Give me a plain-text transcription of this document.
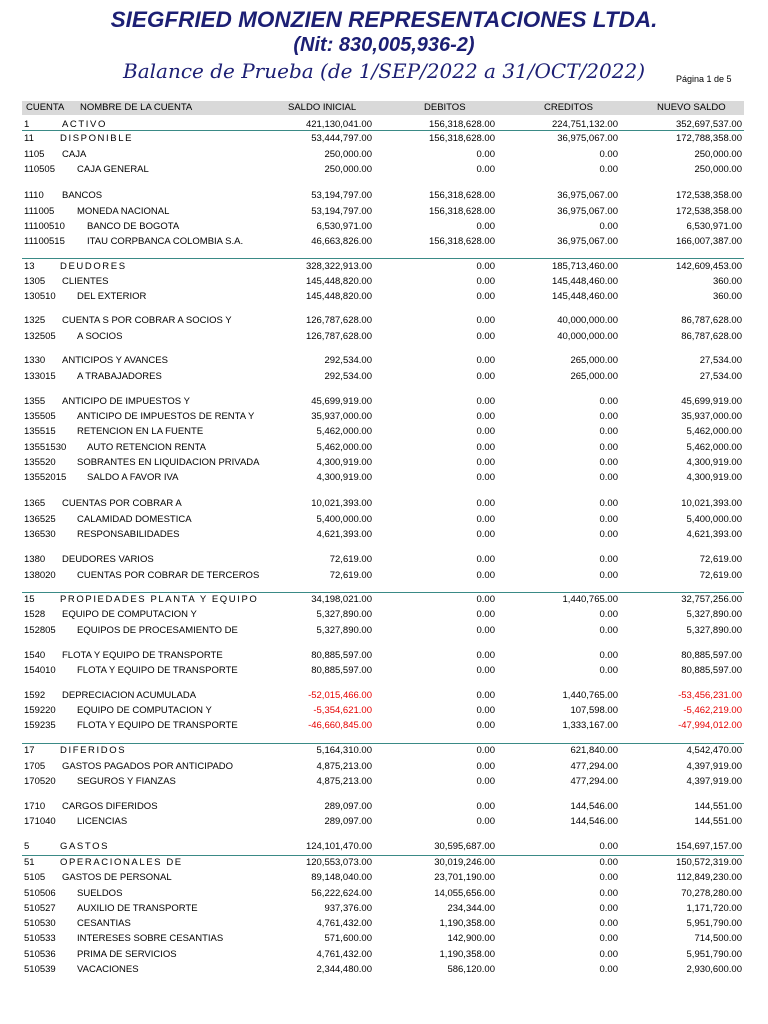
SIEGFRIED MONZIEN REPRESENTACIONES LTDA.
(Nit: 830,005,936-2)
Balance de Prueba (de 1/SEP/2022 a 31/OCT/2022)	Página 1 de 5
CUENTA NOMBRE DE LA CUENTA	SALDO INICIAL	DEBITOS	CREDITOS	NUEVO SALDO
1	ACTIVO	421,130,041.00	156,318,628.00	224,751,132.00	352,697,537.00
11	DISPONIBLE	53,444,797.00	156,318,628.00	36,975,067.00	172,788,358.00
1105 CAJA	250,000.00	0.00	0.00	250,000.00
110505 CAJA GENERAL	250,000.00	0.00	0.00	250,000.00
1110 BANCOS	53,194,797.00	156,318,628.00	36,975,067.00	172,538,358.00
111005 MONEDA NACIONAL	53,194,797.00	156,318,628.00	36,975,067.00	172,538,358.00
11100510 BANCO DE BOGOTA	6,530,971.00	0.00	0.00	6,530,971.00
11100515 ITAU CORPBANCA COLOMBIA S.A.	46,663,826.00	156,318,628.00	36,975,067.00	166,007,387.00
13	DEUDORES	328,322,913.00	0.00	185,713,460.00	142,609,453.00
1305 CLIENTES	145,448,820.00	0.00	145,448,460.00	360.00
130510 DEL EXTERIOR	145,448,820.00	0.00	145,448,460.00	360.00
1325 CUENTA S POR COBRAR A SOCIOS Y	126,787,628.00	0.00	40,000,000.00	86,787,628.00
132505 A SOCIOS	126,787,628.00	0.00	40,000,000.00	86,787,628.00
1330 ANTICIPOS Y AVANCES	292,534.00	0.00	265,000.00	27,534.00
133015 A TRABAJADORES	292,534.00	0.00	265,000.00	27,534.00
1355 ANTICIPO DE IMPUESTOS Y	45,699,919.00	0.00	0.00	45,699,919.00
135505 ANTICIPO DE IMPUESTOS DE RENTA Y	35,937,000.00	0.00	0.00	35,937,000.00
135515 RETENCION EN LA FUENTE	5,462,000.00	0.00	0.00	5,462,000.00
13551530 AUTO RETENCION RENTA	5,462,000.00	0.00	0.00	5,462,000.00
135520 SOBRANTES EN LIQUIDACION PRIVADA	4,300,919.00	0.00	0.00	4,300,919.00
13552015 SALDO A FAVOR IVA	4,300,919.00	0.00	0.00	4,300,919.00
1365 CUENTAS POR COBRAR A	10,021,393.00	0.00	0.00	10,021,393.00
136525 CALAMIDAD DOMESTICA	5,400,000.00	0.00	0.00	5,400,000.00
136530 RESPONSABILIDADES	4,621,393.00	0.00	0.00	4,621,393.00
1380 DEUDORES VARIOS	72,619.00	0.00	0.00	72,619.00
138020 CUENTAS POR COBRAR DE TERCEROS	72,619.00	0.00	0.00	72,619.00
15	PROPIEDADES PLANTA Y EQUIPO	34,198,021.00	0.00	1,440,765.00	32,757,256.00
1528 EQUIPO DE COMPUTACION Y	5,327,890.00	0.00	0.00	5,327,890.00
152805 EQUIPOS DE PROCESAMIENTO DE	5,327,890.00	0.00	0.00	5,327,890.00
1540 FLOTA Y EQUIPO DE TRANSPORTE	80,885,597.00	0.00	0.00	80,885,597.00
154010 FLOTA Y EQUIPO DE TRANSPORTE	80,885,597.00	0.00	0.00	80,885,597.00
1592 DEPRECIACION ACUMULADA	-52,015,466.00	0.00	1,440,765.00	-53,456,231.00
159220 EQUIPO DE COMPUTACION Y	-5,354,621.00	0.00	107,598.00	-5,462,219.00
159235 FLOTA Y EQUIPO DE TRANSPORTE	-46,660,845.00	0.00	1,333,167.00	-47,994,012.00
17	DIFERIDOS	5,164,310.00	0.00	621,840.00	4,542,470.00
1705 GASTOS PAGADOS POR ANTICIPADO	4,875,213.00	0.00	477,294.00	4,397,919.00
170520 SEGUROS Y FIANZAS	4,875,213.00	0.00	477,294.00	4,397,919.00
1710 CARGOS DIFERIDOS	289,097.00	0.00	144,546.00	144,551.00
171040 LICENCIAS	289,097.00	0.00	144,546.00	144,551.00
5	GASTOS	124,101,470.00	30,595,687.00	0.00	154,697,157.00
51	OPERACIONALES DE	120,553,073.00	30,019,246.00	0.00	150,572,319.00
5105 GASTOS DE PERSONAL	89,148,040.00	23,701,190.00	0.00	112,849,230.00
510506 SUELDOS	56,222,624.00	14,055,656.00	0.00	70,278,280.00
510527 AUXILIO DE TRANSPORTE	937,376.00	234,344.00	0.00	1,171,720.00
510530 CESANTIAS	4,761,432.00	1,190,358.00	0.00	5,951,790.00
510533 INTERESES SOBRE CESANTIAS	571,600.00	142,900.00	0.00	714,500.00
510536 PRIMA DE SERVICIOS	4,761,432.00	1,190,358.00	0.00	5,951,790.00
510539 VACACIONES	2,344,480.00	586,120.00	0.00	2,930,600.00
